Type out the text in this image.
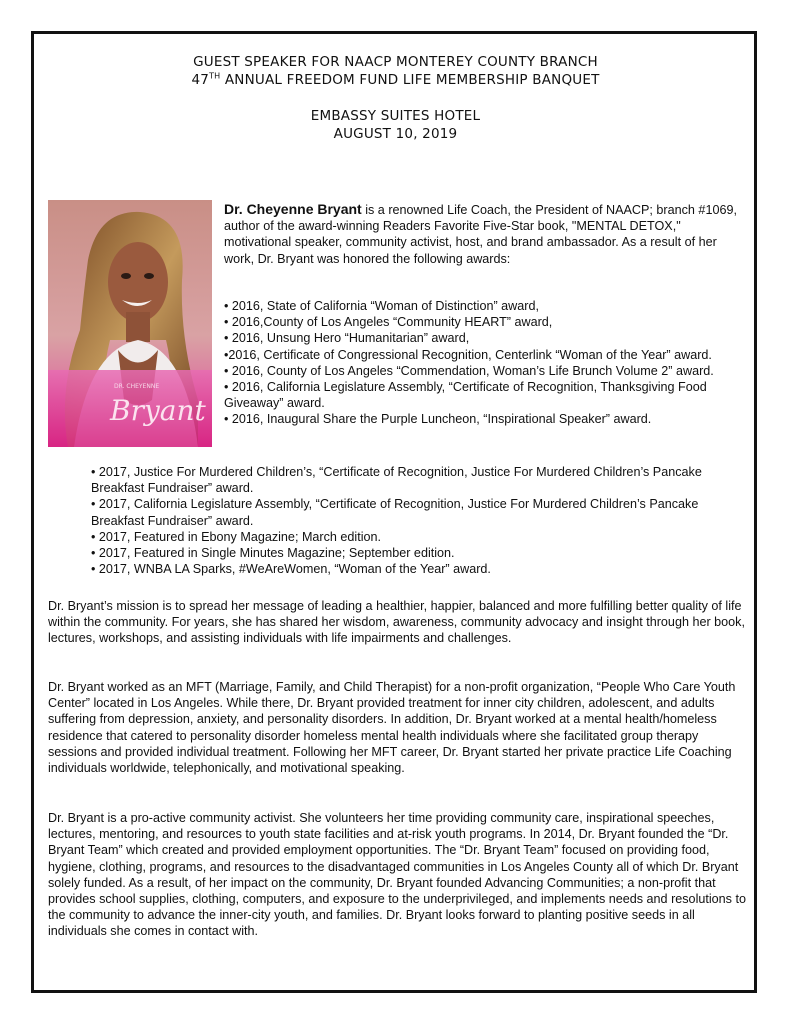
GUEST SPEAKER FOR NAACP MONTEREY COUNTY BRANCH
47TH ANNUAL FREEDOM FUND LIFE MEMBERSHIP BANQUET
EMBASSY SUITES HOTEL
AUGUST 10, 2019
DR. CHEYENNE
Bryant

Dr. Cheyenne Bryant is a renowned Life Coach, the President of NAACP; branch #1069, author of the award-winning Readers Favorite Five-Star book, "MENTAL DETOX," motivational speaker, community activist, host, and brand ambassador. As a result of her work, Dr. Bryant was honored the following awards:

• 2016, State of California “Woman of Distinction” award,

• 2016,County of Los Angeles “Community HEART” award,

• 2016, Unsung Hero “Humanitarian” award,

•2016, Certificate of Congressional Recognition, Centerlink “Woman of the Year” award.

• 2016, County of Los Angeles “Commendation, Woman’s Life Brunch Volume 2” award.

• 2016, California Legislature Assembly, “Certificate of Recognition, Thanksgiving Food Giveaway” award.

• 2016, Inaugural Share the Purple Luncheon, “Inspirational Speaker” award.

• 2017, Justice For Murdered Children’s, “Certificate of Recognition, Justice For Murdered Children’s Pancake Breakfast Fundraiser” award.

• 2017, California Legislature Assembly, “Certificate of Recognition, Justice For Murdered Children’s Pancake Breakfast Fundraiser” award.

• 2017, Featured in Ebony Magazine; March edition.

• 2017, Featured in Single Minutes Magazine; September edition.

• 2017, WNBA LA Sparks, #WeAreWomen, “Woman of the Year” award.

Dr. Bryant’s mission is to spread her message of leading a healthier, happier, balanced and more fulfilling better quality of life within the community. For years, she has shared her wisdom, awareness, community advocacy and insight through her book, lectures, workshops, and assisting individuals with life impairments and challenges.

Dr. Bryant worked as an MFT (Marriage, Family, and Child Therapist) for a non-profit organization, “People Who Care Youth Center” located in Los Angeles. While there, Dr. Bryant provided treatment for inner city children, adolescent, and adults suffering from depression, anxiety, and personality disorders. In addition, Dr. Bryant worked at a mental health/homeless residence that catered to personality disorder homeless mental health individuals where she facilitated group therapy sessions and provided individual treatment. Following her MFT career, Dr. Bryant started her private practice Life Coaching individuals worldwide, telephonically, and motivational speaking.

Dr. Bryant is a pro-active community activist. She volunteers her time providing community care, inspirational speeches, lectures, mentoring, and resources to youth state facilities and at-risk youth programs. In 2014, Dr. Bryant founded the “Dr. Bryant Team” which created and provided employment opportunities. The “Dr. Bryant Team” focused on providing food, hygiene, clothing, programs, and resources to the disadvantaged communities in Los Angeles County all of which Dr. Bryant solely funded. As a result, of her impact on the community, Dr. Bryant founded Advancing Communities; a non-profit that provides school supplies, clothing, computers, and exposure to the underprivileged, and implements needs and resolutions to the community to advance the inner-city youth, and families. Dr. Bryant looks forward to planting positive seeds in all individuals she comes in contact with.
